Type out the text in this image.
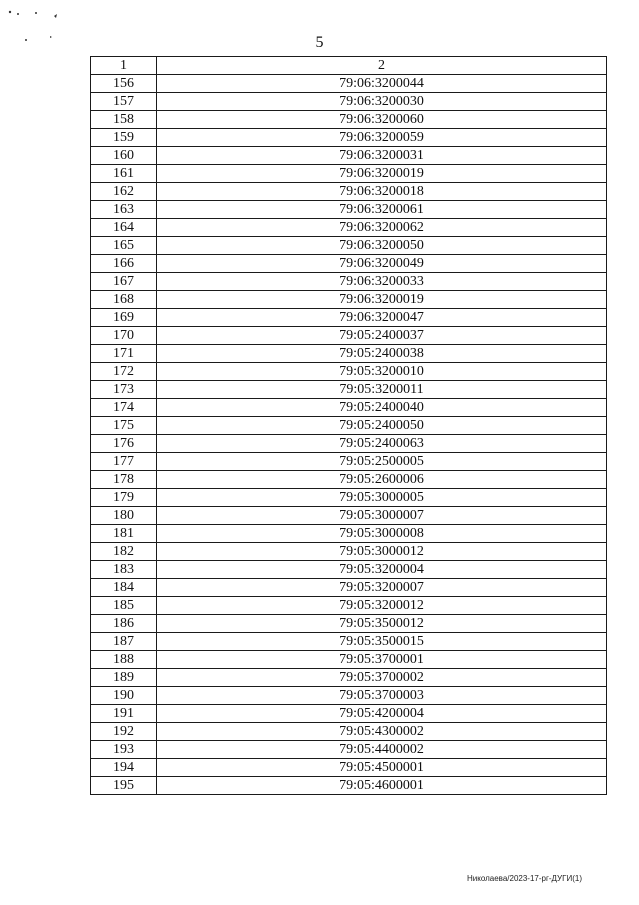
5
1	2
156	79:06:3200044
157	79:06:3200030
158	79:06:3200060
159	79:06:3200059
160	79:06:3200031
161	79:06:3200019
162	79:06:3200018
163	79:06:3200061
164	79:06:3200062
165	79:06:3200050
166	79:06:3200049
167	79:06:3200033
168	79:06:3200019
169	79:06:3200047
170	79:05:2400037
171	79:05:2400038
172	79:05:3200010
173	79:05:3200011
174	79:05:2400040
175	79:05:2400050
176	79:05:2400063
177	79:05:2500005
178	79:05:2600006
179	79:05:3000005
180	79:05:3000007
181	79:05:3000008
182	79:05:3000012
183	79:05:3200004
184	79:05:3200007
185	79:05:3200012
186	79:05:3500012
187	79:05:3500015
188	79:05:3700001
189	79:05:3700002
190	79:05:3700003
191	79:05:4200004
192	79:05:4300002
193	79:05:4400002
194	79:05:4500001
195	79:05:4600001
Николаева/2023-17-рг-ДУГИ(1)
